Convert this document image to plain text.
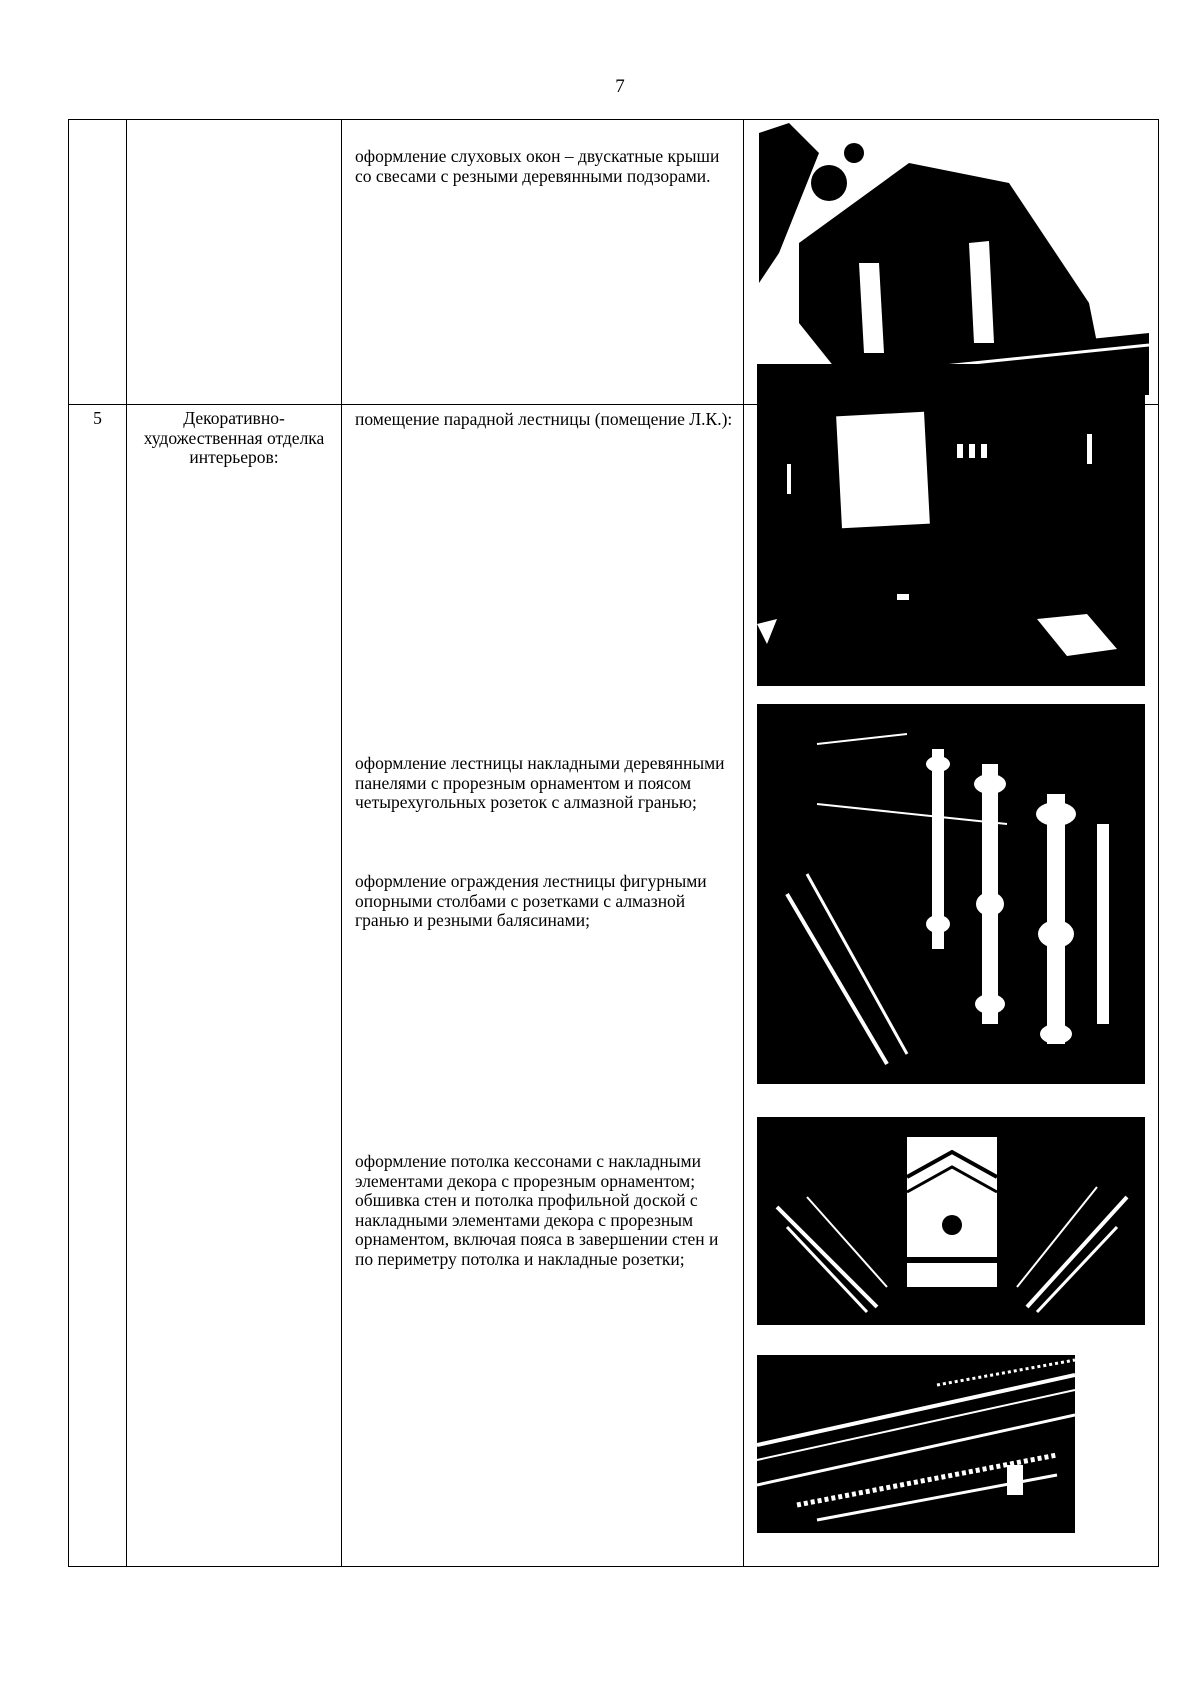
7
оформление слуховых окон – двускатные крыши со свесами с резными деревянными подзорами.
5	Декоративно-художественная отделка интерьеров:
помещение парадной лестницы (помещение Л.К.):
оформление лестницы накладными деревянными панелями с прорезным орнаментом и поясом четырехугольных розеток с алмазной гранью;
оформление ограждения лестницы фигурными опорными столбами с розетками с алмазной гранью и резными балясинами;
оформление потолка кессонами с накладными элементами декора с прорезным орнаментом; обшивка стен и потолка профильной доской с накладными элементами декора с прорезным орнаментом, включая пояса в завершении стен и по периметру потолка и накладные розетки;
